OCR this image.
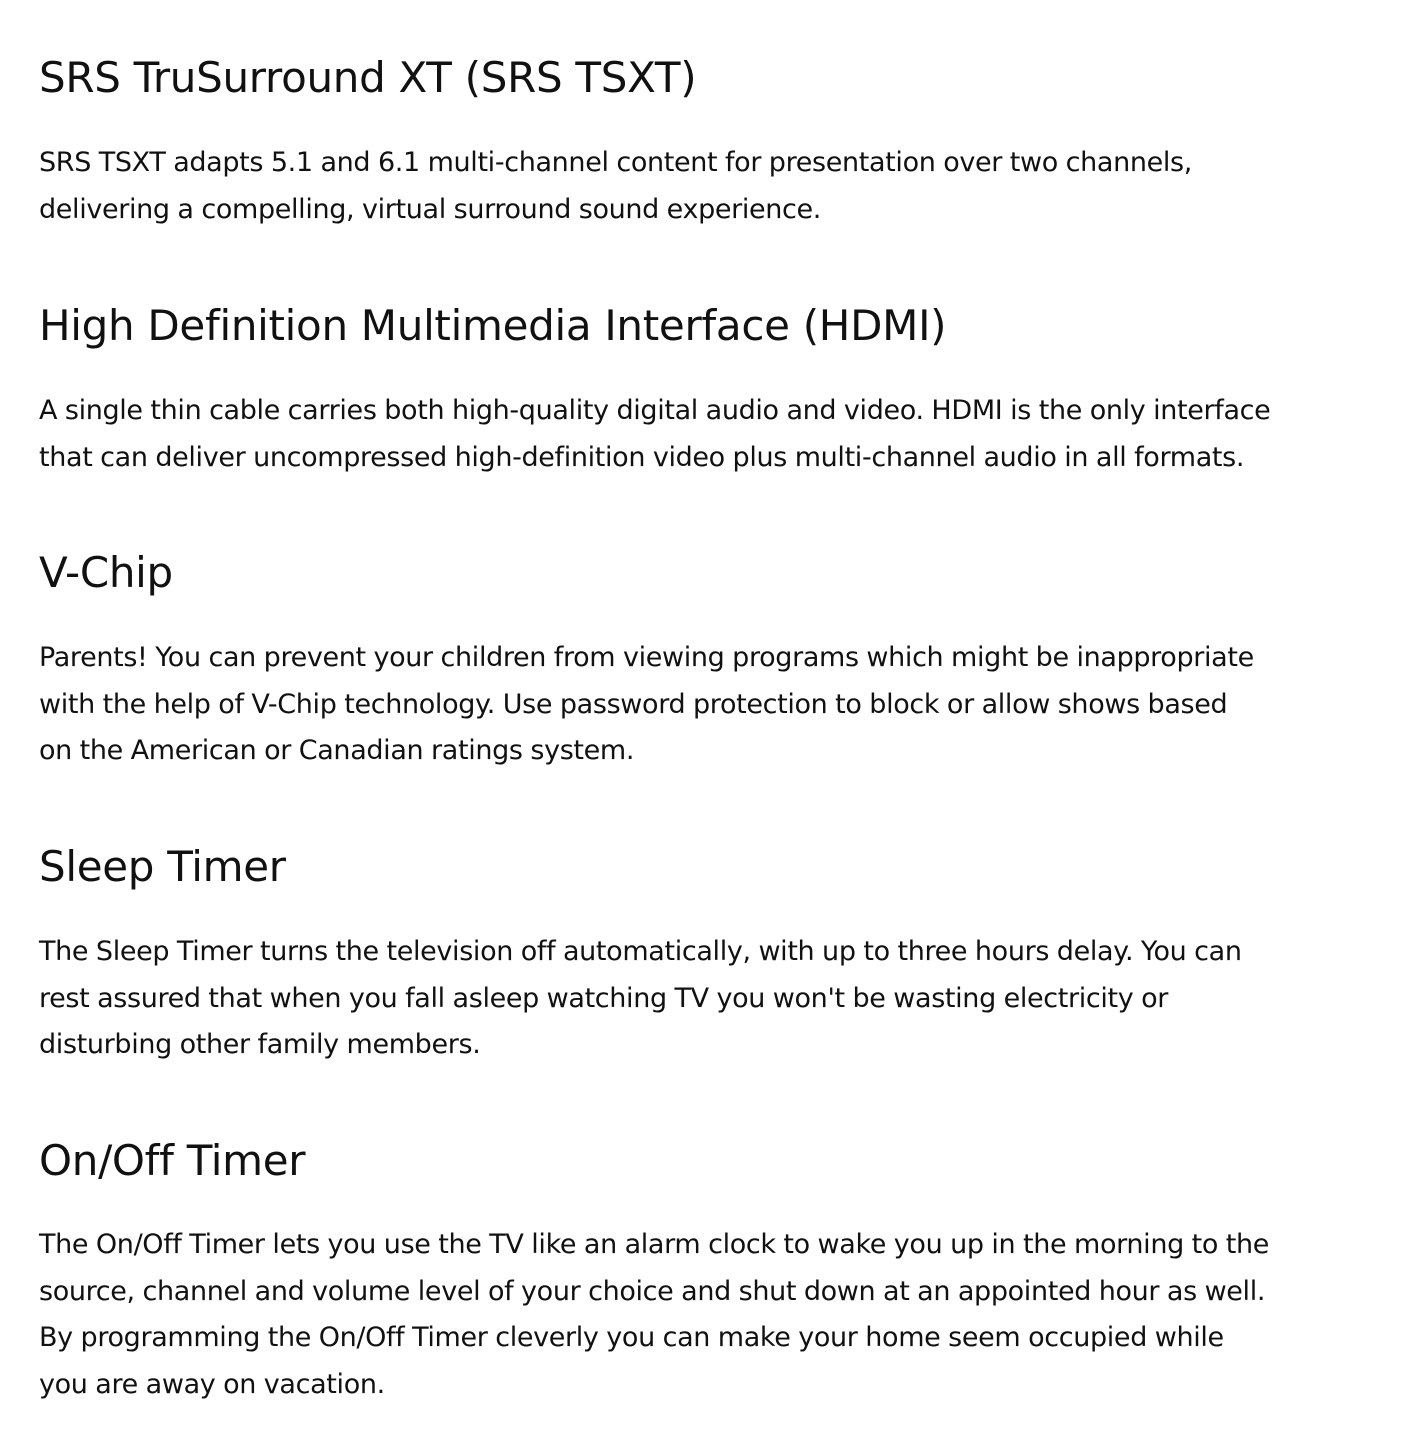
SRS TruSurround XT (SRS TSXT)

SRS TSXT adapts 5.1 and 6.1 multi-channel content for presentation over two channels,
delivering a compelling, virtual surround sound experience.

High Definition Multimedia Interface (HDMI)

A single thin cable carries both high-quality digital audio and video. HDMI is the only interface
that can deliver uncompressed high-definition video plus multi-channel audio in all formats.

V-Chip

Parents! You can prevent your children from viewing programs which might be inappropriate
with the help of V-Chip technology. Use password protection to block or allow shows based
on the American or Canadian ratings system.

Sleep Timer

The Sleep Timer turns the television off automatically, with up to three hours delay. You can
rest assured that when you fall asleep watching TV you won't be wasting electricity or
disturbing other family members.

On/Off Timer

The On/Off Timer lets you use the TV like an alarm clock to wake you up in the morning to the
source, channel and volume level of your choice and shut down at an appointed hour as well.
By programming the On/Off Timer cleverly you can make your home seem occupied while
you are away on vacation.
